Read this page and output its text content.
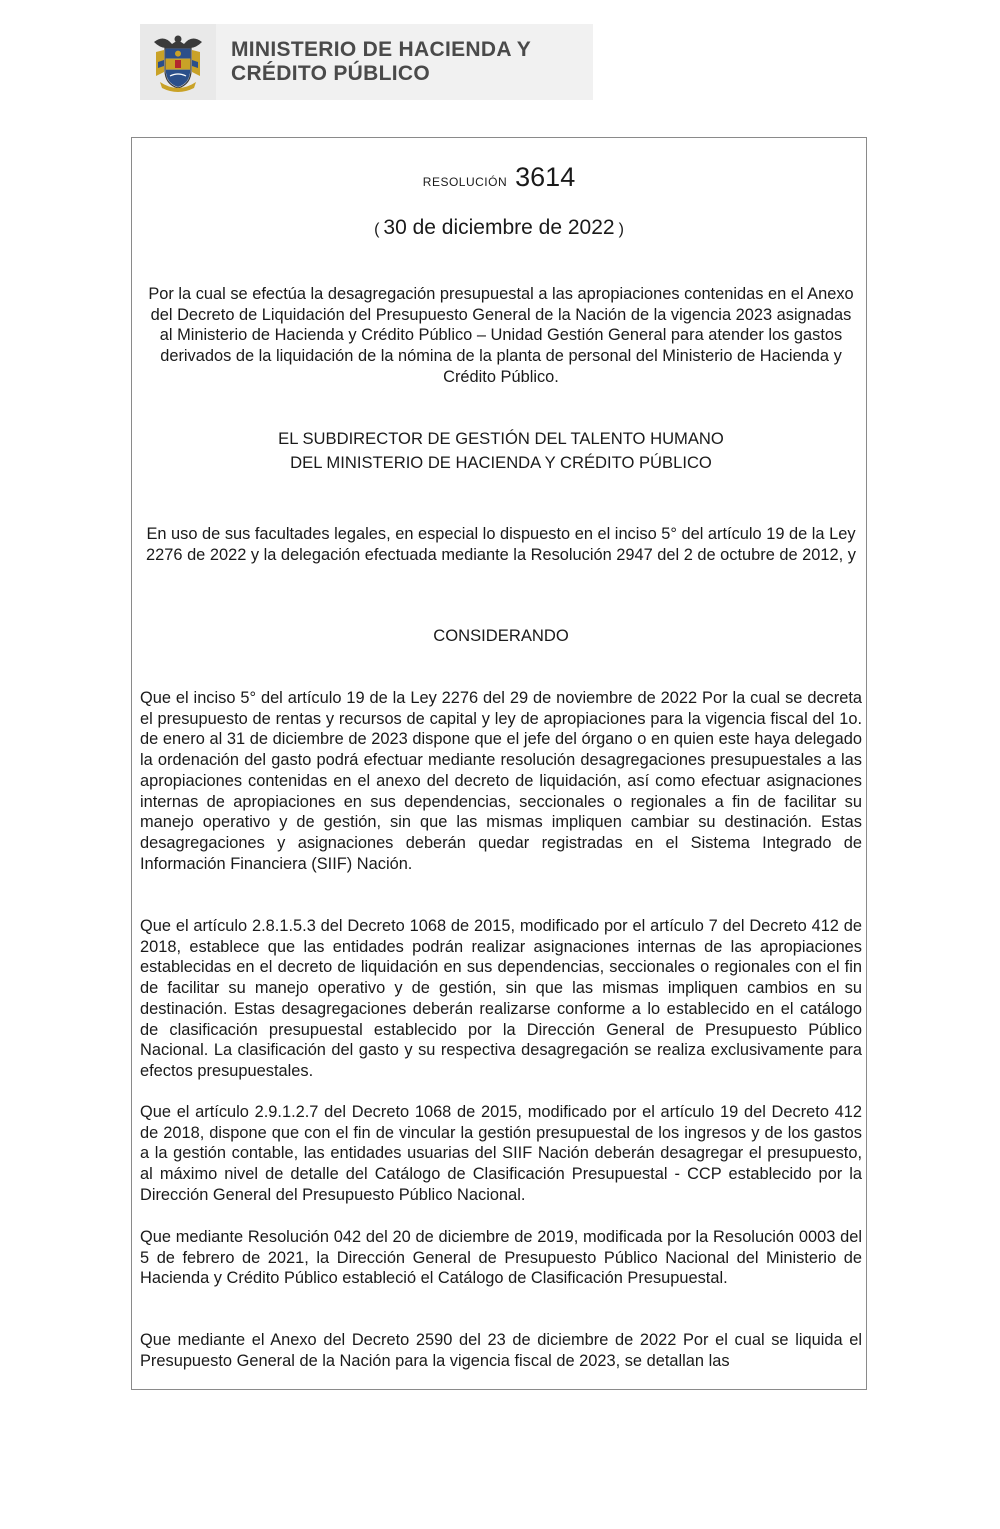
MINISTERIO DE HACIENDA Y
CRÉDITO PÚBLICO
resolución 3614
( 30 de diciembre de 2022 )
Por la cual se efectúa la desagregación presupuestal a las apropiaciones contenidas en el Anexo del Decreto de Liquidación del Presupuesto General de la Nación de la vigencia 2023 asignadas al Ministerio de Hacienda y Crédito Público – Unidad Gestión General para atender los gastos derivados de la liquidación de la nómina de la planta de personal del Ministerio de Hacienda y Crédito Público.
EL SUBDIRECTOR DE GESTIÓN DEL TALENTO HUMANO
DEL MINISTERIO DE HACIENDA Y CRÉDITO PÚBLICO
En uso de sus facultades legales, en especial lo dispuesto en el inciso 5° del artículo 19 de la Ley 2276 de 2022 y la delegación efectuada mediante la Resolución 2947 del 2 de octubre de 2012, y
CONSIDERANDO

Que el inciso 5° del artículo 19 de la Ley 2276 del 29 de noviembre de 2022 Por la cual se decreta el presupuesto de rentas y recursos de capital y ley de apropiaciones para la vigencia fiscal del 1o. de enero al 31 de diciembre de 2023 dispone que el jefe del órgano o en quien este haya delegado la ordenación del gasto podrá efectuar mediante resolución desagregaciones presupuestales a las apropiaciones contenidas en el anexo del decreto de liquidación, así como efectuar asignaciones internas de apropiaciones en sus dependencias, seccionales o regionales a fin de facilitar su manejo operativo y de gestión, sin que las mismas impliquen cambiar su destinación. Estas desagregaciones y asignaciones deberán quedar registradas en el Sistema Integrado de Información Financiera (SIIF) Nación.

Que el artículo 2.8.1.5.3 del Decreto 1068 de 2015, modificado por el artículo 7 del Decreto 412 de 2018, establece que las entidades podrán realizar asignaciones internas de las apropiaciones establecidas en el decreto de liquidación en sus dependencias, seccionales o regionales con el fin de facilitar su manejo operativo y de gestión, sin que las mismas impliquen cambios en su destinación. Estas desagregaciones deberán realizarse conforme a lo establecido en el catálogo de clasificación presupuestal establecido por la Dirección General de Presupuesto Público Nacional. La clasificación del gasto y su respectiva desagregación se realiza exclusivamente para efectos presupuestales.

Que el artículo 2.9.1.2.7 del Decreto 1068 de 2015, modificado por el artículo 19 del Decreto 412 de 2018, dispone que con el fin de vincular la gestión presupuestal de los ingresos y de los gastos a la gestión contable, las entidades usuarias del SIIF Nación deberán desagregar el presupuesto, al máximo nivel de detalle del Catálogo de Clasificación Presupuestal - CCP establecido por la Dirección General del Presupuesto Público Nacional.

Que mediante Resolución 042 del 20 de diciembre de 2019, modificada por la Resolución 0003 del 5 de febrero de 2021, la Dirección General de Presupuesto Público Nacional del Ministerio de Hacienda y Crédito Público estableció el Catálogo de Clasificación Presupuestal.

Que mediante el Anexo del Decreto 2590 del 23 de diciembre de 2022 Por el cual se liquida el Presupuesto General de la Nación para la vigencia fiscal de 2023, se detallan las
